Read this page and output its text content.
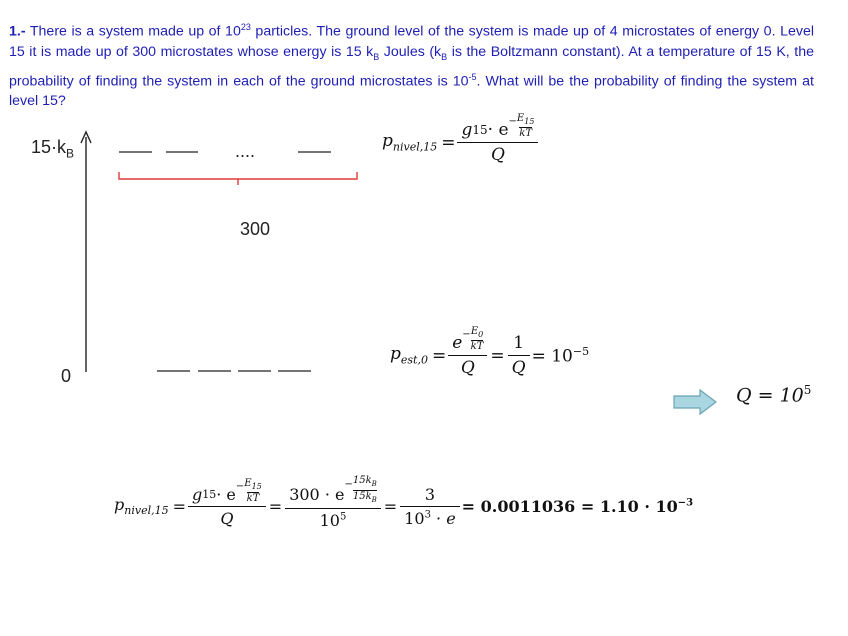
1.- There is a system made up of $10^{23}$ particles. The ground level of the system is made up of 4 microstates of energy 0. Level 15 it is made up of 300 microstates whose energy is 15 $k_B$ Joules ($k_B$ is the Boltzmann constant). At a temperature of 15 K, the probability of finding the system in each of the ground microstates is $10^{-5}$. What will be the probability of finding the system at level 15?
$15\cdot k_B$	....
300
0
$p_{nivel,15} = \frac{g 15 \cdot e - \frac{E_{15}}{kT}}{Q}$
$p_{est,0} = \frac{e - \frac{E_0}{kT}}{Q} = \frac{1}{Q} = 10^{-5}$
$Q = 10^5$
$p_{nivel,15} = \frac{g 15 \cdot e - \frac{E_{15}}{kT}}{Q} = 300 \cdot e$
− $\frac{15k_B}{15k_B}$
$10^5 = \frac{3}{10^3 \cdot e} = 0.0011036 = 1.10 \cdot 10^{-3}$
